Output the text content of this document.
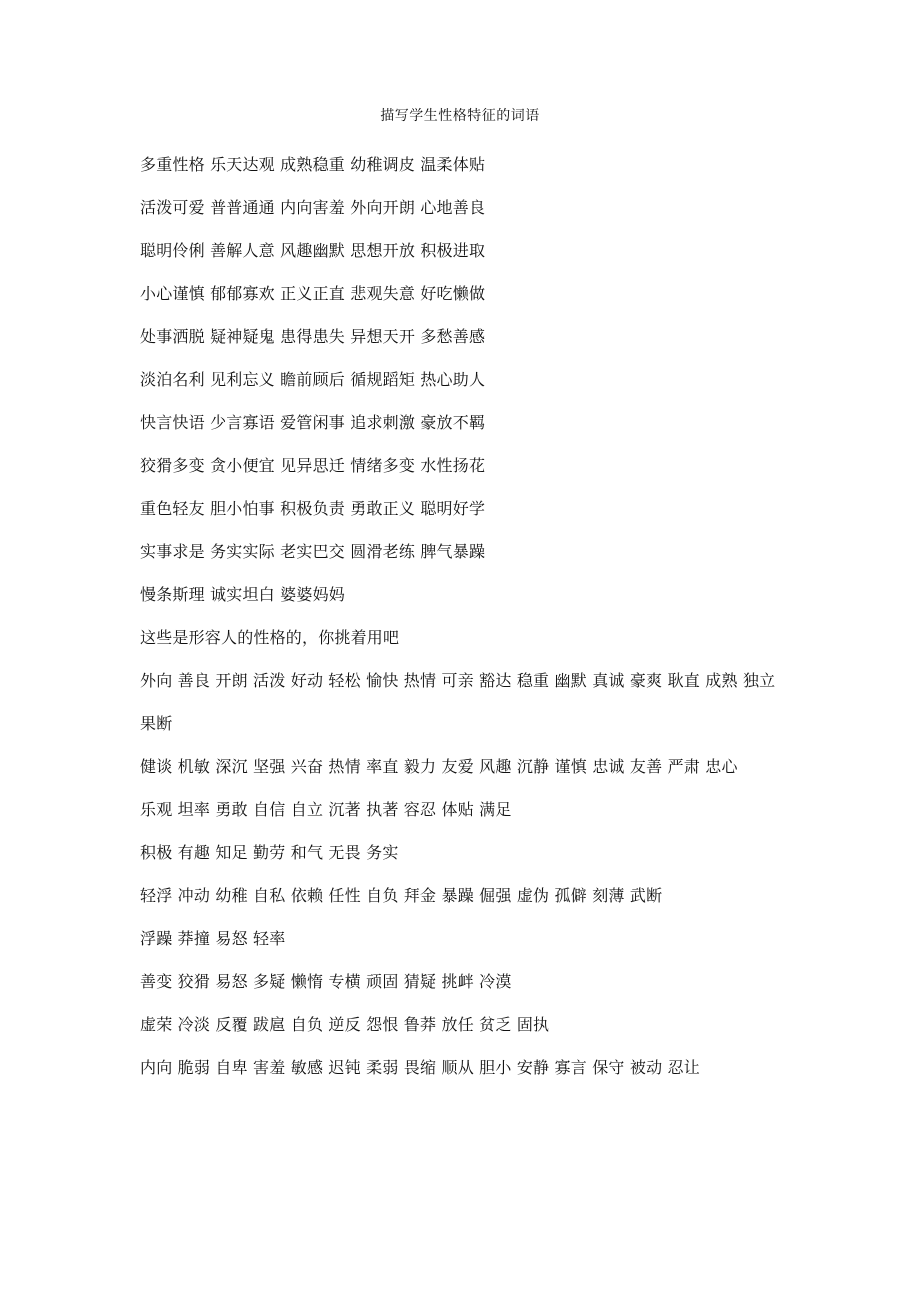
描写学生性格特征的词语

多重性格 乐天达观 成熟稳重 幼稚调皮 温柔体贴

活泼可爱 普普通通 内向害羞 外向开朗 心地善良

聪明伶俐 善解人意 风趣幽默 思想开放 积极进取

小心谨慎 郁郁寡欢 正义正直 悲观失意 好吃懒做

处事洒脱 疑神疑鬼 患得患失 异想天开 多愁善感

淡泊名利 见利忘义 瞻前顾后 循规蹈矩 热心助人

快言快语 少言寡语 爱管闲事 追求刺激 豪放不羁

狡猾多变 贪小便宜 见异思迁 情绪多变 水性扬花

重色轻友 胆小怕事 积极负责 勇敢正义 聪明好学

实事求是 务实实际 老实巴交 圆滑老练 脾气暴躁

慢条斯理 诚实坦白 婆婆妈妈

这些是形容人的性格的，你挑着用吧

外向 善良 开朗 活泼 好动 轻松 愉快 热情 可亲 豁达 稳重 幽默 真诚 豪爽 耿直 成熟 独立

果断

健谈 机敏 深沉 坚强 兴奋 热情 率直 毅力 友爱 风趣 沉静 谨慎 忠诚 友善 严肃 忠心

乐观 坦率 勇敢 自信 自立 沉著 执著 容忍 体贴 满足

积极 有趣 知足 勤劳 和气 无畏 务实

轻浮 冲动 幼稚 自私 依赖 任性 自负 拜金 暴躁 倔强 虚伪 孤僻 刻薄 武断

浮躁 莽撞 易怒 轻率

善变 狡猾 易怒 多疑 懒惰 专横 顽固 猜疑 挑衅 冷漠

虚荣 冷淡 反覆 跋扈 自负 逆反 怨恨 鲁莽 放任 贫乏 固执

内向 脆弱 自卑 害羞 敏感 迟钝 柔弱 畏缩 顺从 胆小 安静 寡言 保守 被动 忍让
